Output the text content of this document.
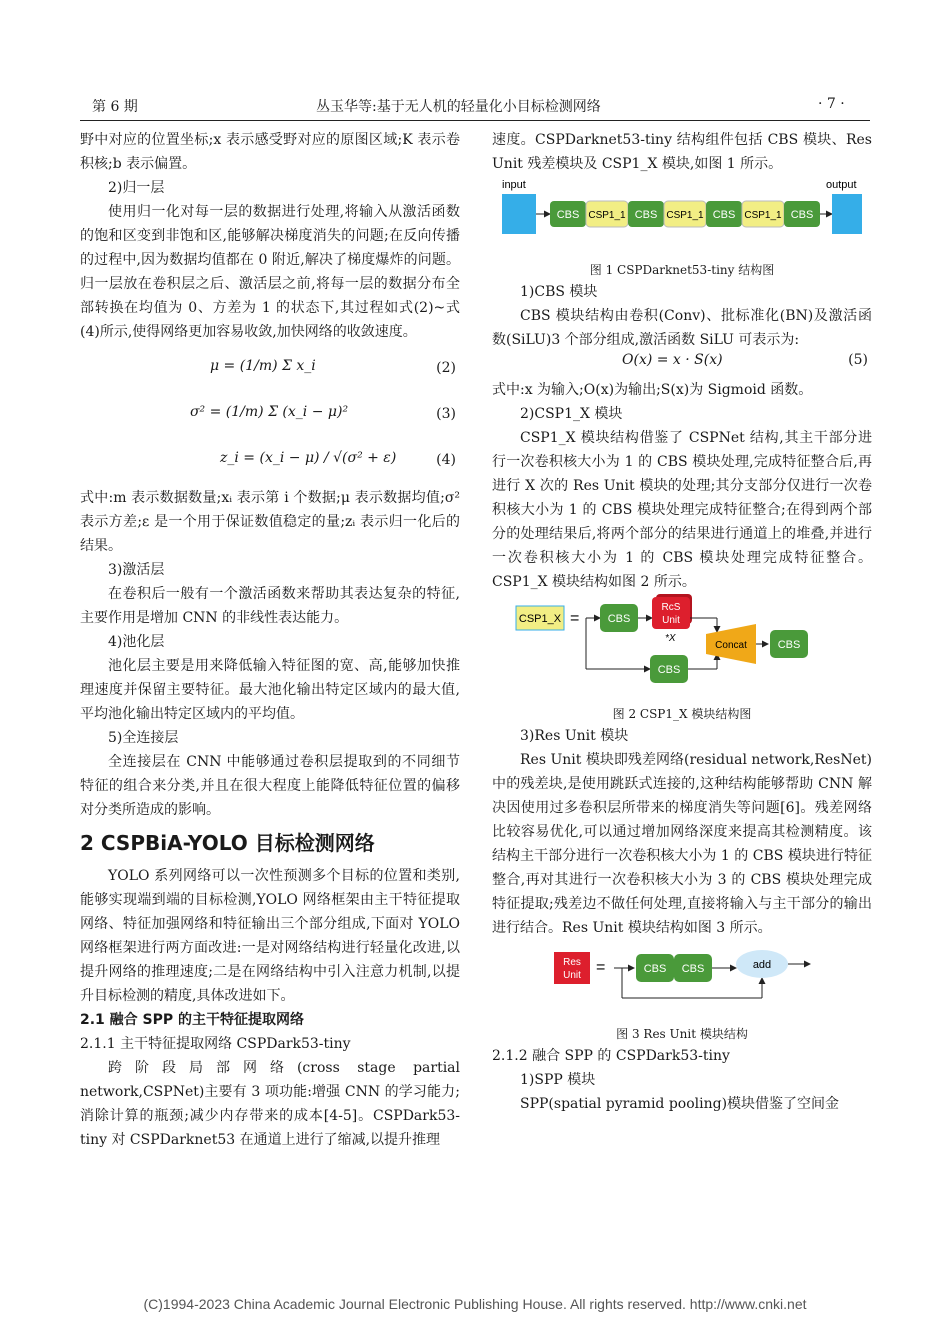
第 6 期	丛玉华等:基于无人机的轻量化小目标检测网络	· 7 ·

野中对应的位置坐标;x 表示感受野对应的原图区域;K 表示卷积核;b 表示偏置。

2)归一层

使用归一化对每一层的数据进行处理,将输入从激活函数的饱和区变到非饱和区,能够解决梯度消失的问题;在反向传播的过程中,因为数据均值都在 0 附近,解决了梯度爆炸的问题。归一层放在卷积层之后、激活层之前,将每一层的数据分布全部转换在均值为 0、方差为 1 的状态下,其过程如式(2)~式(4)所示,使得网络更加容易收敛,加快网络的收敛速度。

μ = (1/m) Σ x_i	(2)
σ² = (1/m) Σ (x_i − μ)²	(3)
z_i = (x_i − μ) / √(σ² + ε)	(4)

式中:m 表示数据数量;xᵢ 表示第 i 个数据;μ 表示数据均值;σ² 表示方差;ε 是一个用于保证数值稳定的量;zᵢ 表示归一化后的结果。

3)激活层

在卷积后一般有一个激活函数来帮助其表达复杂的特征,主要作用是增加 CNN 的非线性表达能力。

4)池化层

池化层主要是用来降低输入特征图的宽、高,能够加快推理速度并保留主要特征。最大池化输出特定区域内的最大值,平均池化输出特定区域内的平均值。

5)全连接层

全连接层在 CNN 中能够通过卷积层提取到的不同细节特征的组合来分类,并且在很大程度上能降低特征位置的偏移对分类所造成的影响。

2 CSPBiA-YOLO 目标检测网络

YOLO 系列网络可以一次性预测多个目标的位置和类别,能够实现端到端的目标检测,YOLO 网络框架由主干特征提取网络、特征加强网络和特征输出三个部分组成,下面对 YOLO 网络框架进行两方面改进:一是对网络结构进行轻量化改进,以提升网络的推理速度;二是在网络结构中引入注意力机制,以提升目标检测的精度,具体改进如下。

2.1 融合 SPP 的主干特征提取网络
2.1.1 主干特征提取网络 CSPDark53-tiny

跨阶段局部网络(cross stage partial network,CSPNet)主要有 3 项功能:增强 CNN 的学习能力;消除计算的瓶颈;减少内存带来的成本[4-5]。CSPDark53-tiny 对 CSPDarknet53 在通道上进行了缩减,以提升推理

速度。CSPDarknet53-tiny 结构组件包括 CBS 模块、Res Unit 残差模块及 CSP1_X 模块,如图 1 所示。

input
CBS CSP1_1 CBS CSP1_1 CBS CSP1_1 CBS
output
图 1 CSPDarknet53-tiny 结构图
1)CBS 模块

CBS 模块结构由卷积(Conv)、批标准化(BN)及激活函数(SiLU)3 个部分组成,激活函数 SiLU 可表示为:

O(x) = x · S(x)	(5)

式中:x 为输入;O(x)为输出;S(x)为 Sigmoid 函数。

2)CSP1_X 模块

CSP1_X 模块结构借鉴了 CSPNet 结构,其主干部分进行一次卷积核大小为 1 的 CBS 模块处理,完成特征整合后,再进行 X 次的 Res Unit 模块的处理;其分支部分仅进行一次卷积核大小为 1 的 CBS 模块处理完成特征整合;在得到两个部分的处理结果后,将两个部分的结果进行通道上的堆叠,并进行一次卷积核大小为 1 的 CBS 模块处理完成特征整合。CSP1_X 模块结构如图 2 所示。

CSP1_X =	CBS
RcS
Unit
*X
CBS
Concat	CBS
图 2 CSP1_X 模块结构图
3)Res Unit 模块

Res Unit 模块即残差网络(residual network,ResNet)中的残差块,是使用跳跃式连接的,这种结构能够帮助 CNN 解决因使用过多卷积层所带来的梯度消失等问题[6]。残差网络比较容易优化,可以通过增加网络深度来提高其检测精度。该结构主干部分进行一次卷积核大小为 1 的 CBS 模块进行特征整合,再对其进行一次卷积核大小为 3 的 CBS 模块处理完成特征提取;残差边不做任何处理,直接将输入与主干部分的输出进行结合。Res Unit 模块结构如图 3 所示。

Res
Unit =	CBS CBS	add
图 3 Res Unit 模块结构
2.1.2 融合 SPP 的 CSPDark53-tiny
1)SPP 模块

SPP(spatial pyramid pooling)模块借鉴了空间金

(C)1994-2023 China Academic Journal Electronic Publishing House. All rights reserved. http://www.cnki.net
